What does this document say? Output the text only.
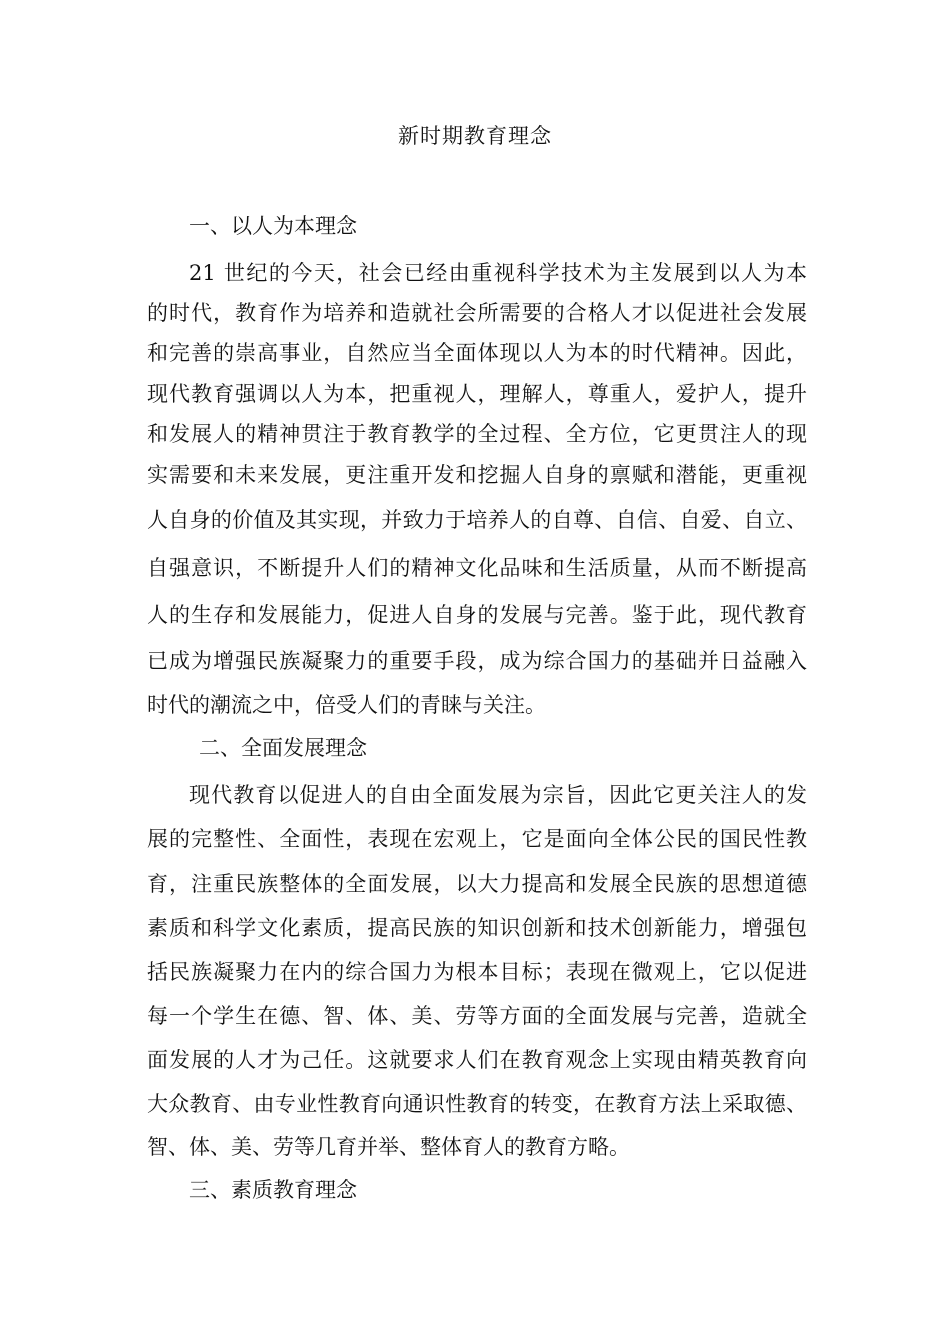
新时期教育理念
一、以人为本理念
21 世纪的今天，社会已经由重视科学技术为主发展到以人为本
的时代，教育作为培养和造就社会所需要的合格人才以促进社会发展
和完善的崇高事业，自然应当全面体现以人为本的时代精神。因此，
现代教育强调以人为本，把重视人，理解人，尊重人，爱护人，提升
和发展人的精神贯注于教育教学的全过程、全方位，它更贯注人的现
实需要和未来发展，更注重开发和挖掘人自身的禀赋和潜能，更重视
人自身的价值及其实现，并致力于培养人的自尊、自信、自爱、自立、
自强意识，不断提升人们的精神文化品味和生活质量，从而不断提高
人的生存和发展能力，促进人自身的发展与完善。鉴于此，现代教育
已成为增强民族凝聚力的重要手段，成为综合国力的基础并日益融入
时代的潮流之中，倍受人们的青睐与关注。
二、全面发展理念
现代教育以促进人的自由全面发展为宗旨，因此它更关注人的发
展的完整性、全面性，表现在宏观上，它是面向全体公民的国民性教
育，注重民族整体的全面发展，以大力提高和发展全民族的思想道德
素质和科学文化素质，提高民族的知识创新和技术创新能力，增强包
括民族凝聚力在内的综合国力为根本目标；表现在微观上，它以促进
每一个学生在德、智、体、美、劳等方面的全面发展与完善，造就全
面发展的人才为己任。这就要求人们在教育观念上实现由精英教育向
大众教育、由专业性教育向通识性教育的转变，在教育方法上采取德、
智、体、美、劳等几育并举、整体育人的教育方略。
三、素质教育理念
